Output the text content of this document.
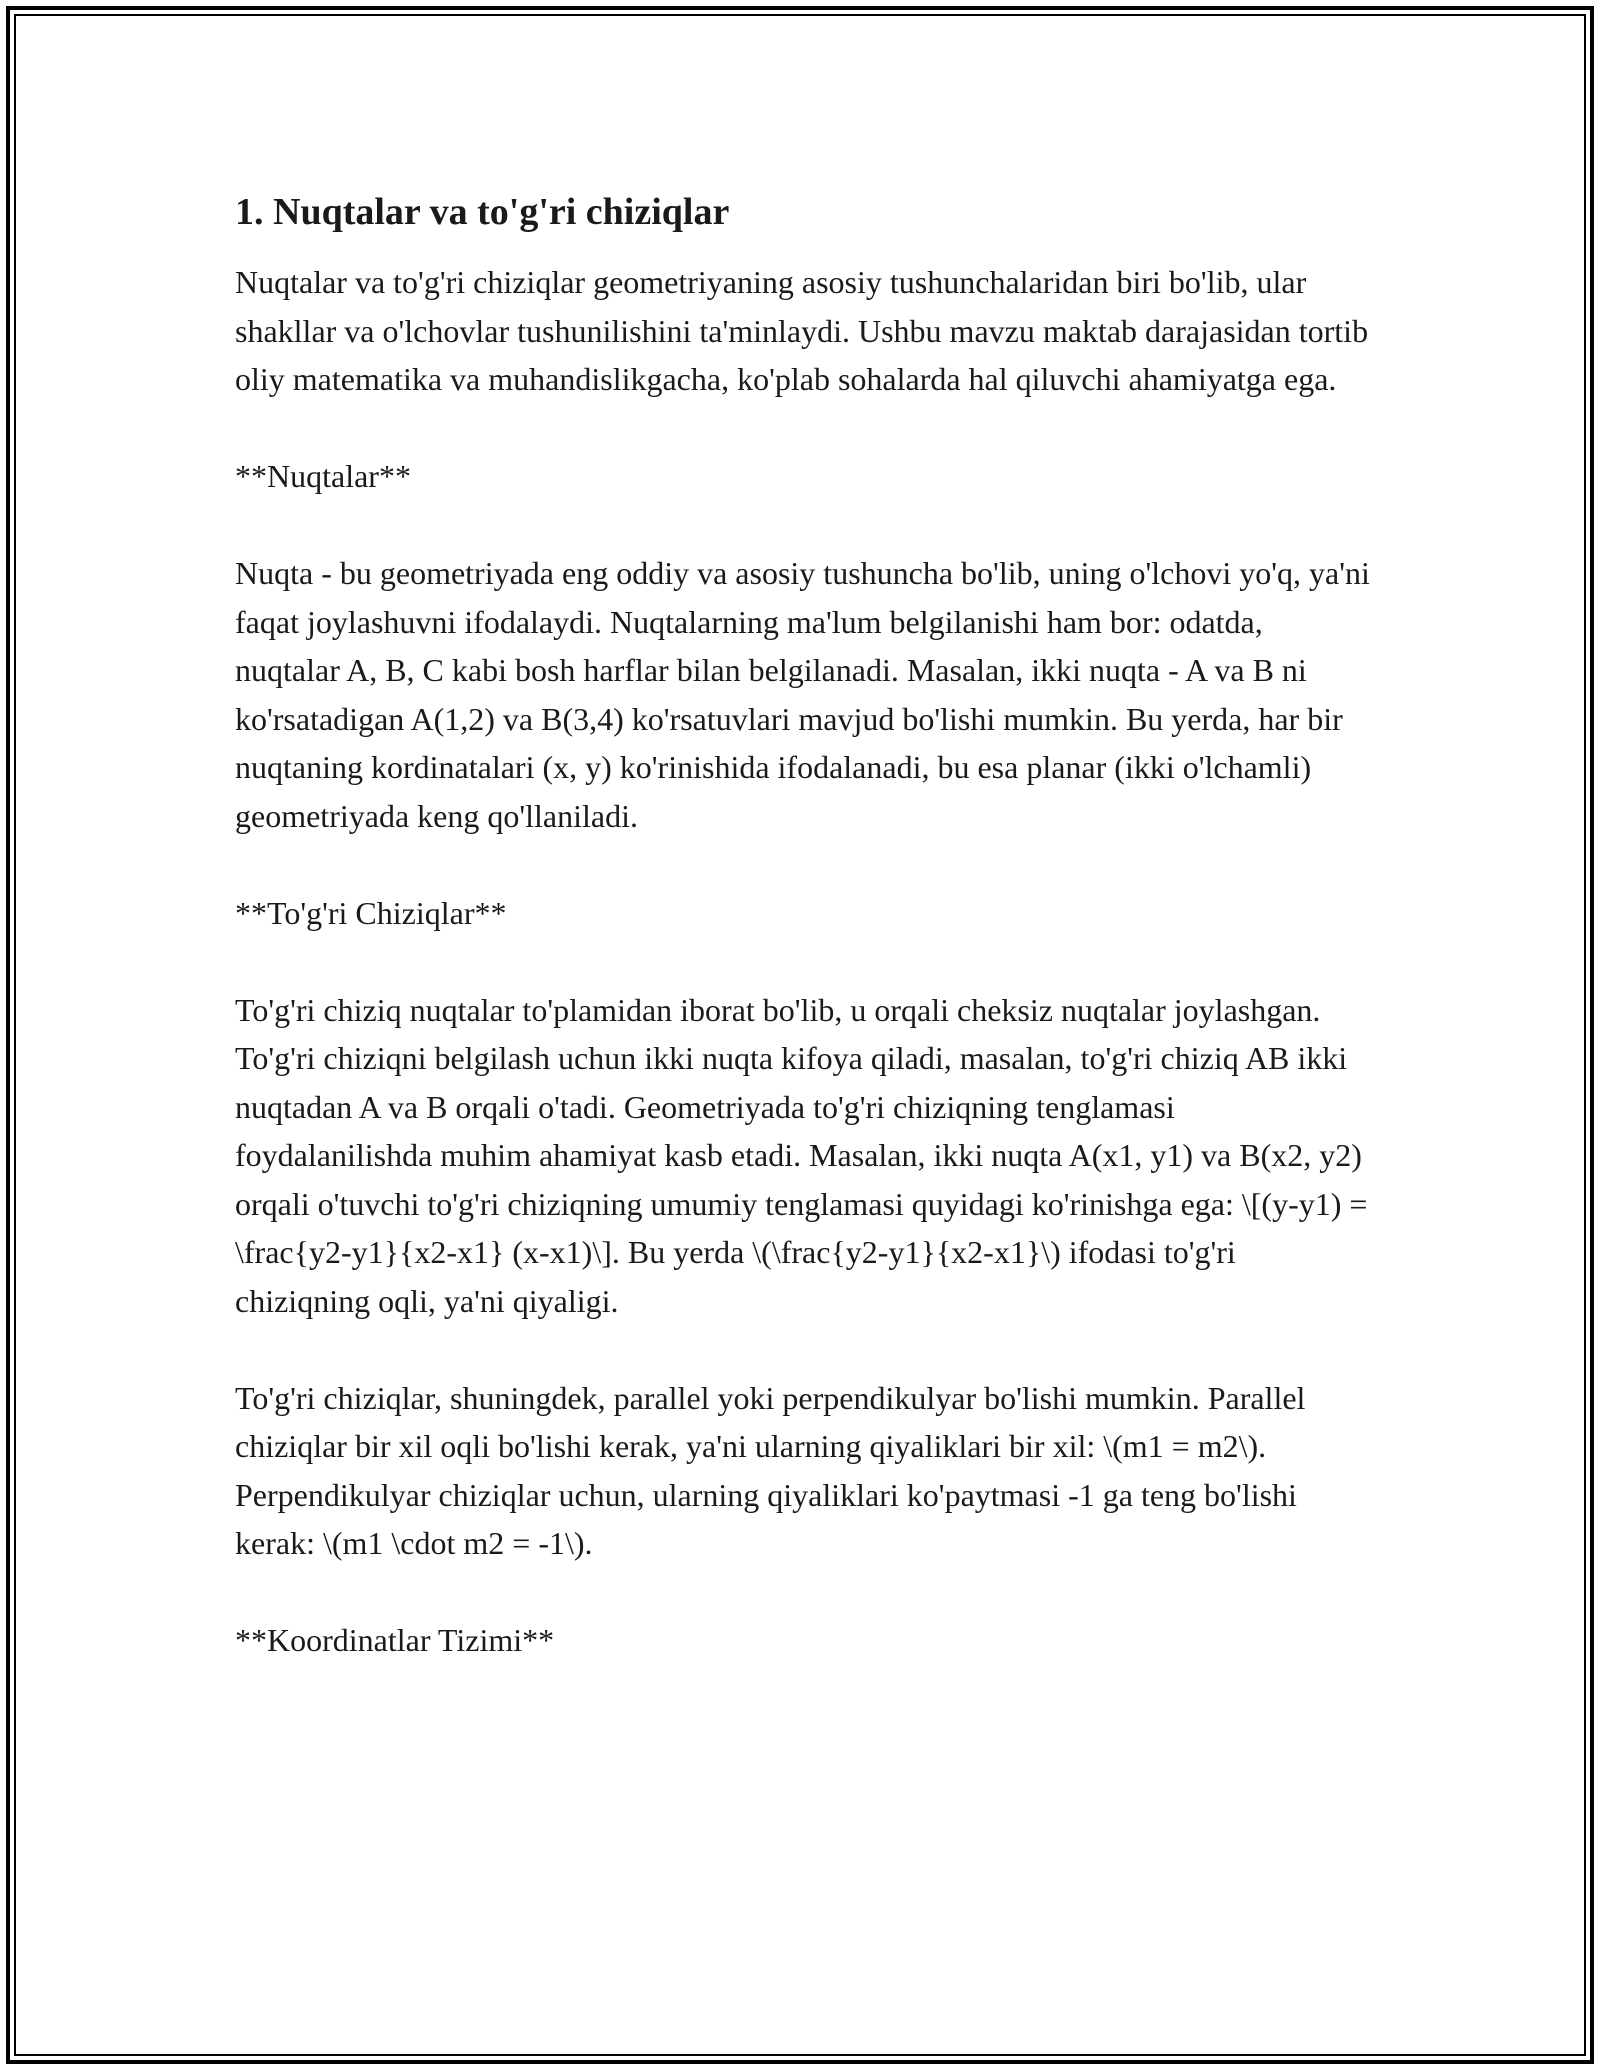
1. Nuqtalar va to'g'ri chiziqlar

Nuqtalar va to'g'ri chiziqlar geometriyaning asosiy tushunchalaridan biri bo'lib, ular shakllar va o'lchovlar tushunilishini ta'minlaydi. Ushbu mavzu maktab darajasidan tortib oliy matematika va muhandislikgacha, ko'plab sohalarda hal qiluvchi ahamiyatga ega.

**Nuqtalar**

Nuqta - bu geometriyada eng oddiy va asosiy tushuncha bo'lib, uning o'lchovi yo'q, ya'ni faqat joylashuvni ifodalaydi. Nuqtalarning ma'lum belgilanishi ham bor: odatda, nuqtalar A, B, C kabi bosh harflar bilan belgilanadi. Masalan, ikki nuqta - A va B ni ko'rsatadigan A(1,2) va B(3,4) ko'rsatuvlari mavjud bo'lishi mumkin. Bu yerda, har bir nuqtaning kordinatalari (x, y) ko'rinishida ifodalanadi, bu esa planar (ikki o'lchamli) geometriyada keng qo'llaniladi.

**To'g'ri Chiziqlar**

To'g'ri chiziq nuqtalar to'plamidan iborat bo'lib, u orqali cheksiz nuqtalar joylashgan. To'g'ri chiziqni belgilash uchun ikki nuqta kifoya qiladi, masalan, to'g'ri chiziq AB ikki nuqtadan A va B orqali o'tadi. Geometriyada to'g'ri chiziqning tenglamasi foydalanilishda muhim ahamiyat kasb etadi. Masalan, ikki nuqta A(x1, y1) va B(x2, y2) orqali o'tuvchi to'g'ri chiziqning umumiy tenglamasi quyidagi ko'rinishga ega: \[(y-y1) = \frac{y2-y1}{x2-x1} (x-x1)\]. Bu yerda \(\frac{y2-y1}{x2-x1}\) ifodasi to'g'ri chiziqning oqli, ya'ni qiyaligi.

To'g'ri chiziqlar, shuningdek, parallel yoki perpendikulyar bo'lishi mumkin. Parallel chiziqlar bir xil oqli bo'lishi kerak, ya'ni ularning qiyaliklari bir xil: \(m1 = m2\). Perpendikulyar chiziqlar uchun, ularning qiyaliklari ko'paytmasi -1 ga teng bo'lishi kerak: \(m1 \cdot m2 = -1\).

**Koordinatlar Tizimi**
